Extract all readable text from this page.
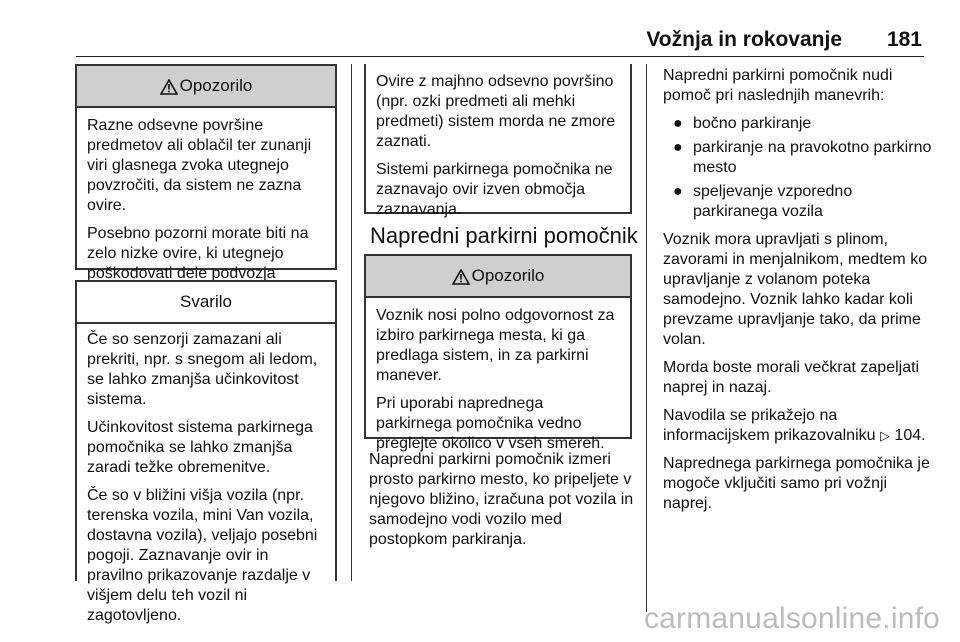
Vožnja in rokovanje 181
Opozorilo

Razne odsevne površine predmetov ali oblačil ter zunanji viri glasnega zvoka utegnejo povzročiti, da sistem ne zazna ovire.

Posebno pozorni morate biti na zelo nizke ovire, ki utegnejo poškodovati dele podvozja

Svarilo

Če so senzorji zamazani ali prekriti, npr. s snegom ali ledom, se lahko zmanjša učinkovitost sistema.

Učinkovitost sistema parkirnega pomočnika se lahko zmanjša zaradi težke obremenitve.

Če so v bližini višja vozila (npr. terenska vozila, mini Van vozila, dostavna vozila), veljajo posebni pogoji. Zaznavanje ovir in pravilno prikazovanje razdalje v višjem delu teh vozil ni zagotovljeno.

Ovire z majhno odsevno površino (npr. ozki predmeti ali mehki predmeti) sistem morda ne zmore zaznati.

Sistemi parkirnega pomočnika ne zaznavajo ovir izven območja zaznavanja.

Napredni parkirni pomočnik
Opozorilo

Voznik nosi polno odgovornost za izbiro parkirnega mesta, ki ga predlaga sistem, in za parkirni manever.

Pri uporabi naprednega parkirnega pomočnika vedno preglejte okolico v vseh smereh.

Napredni parkirni pomočnik izmeri prosto parkirno mesto, ko pripeljete v njegovo bližino, izračuna pot vozila in samodejno vodi vozilo med postopkom parkiranja.

Napredni parkirni pomočnik nudi pomoč pri naslednjih manevrih:

● bočno parkiranje
● parkiranje na pravokotno parkirno mesto
● speljevanje vzporedno parkiranega vozila

Voznik mora upravljati s plinom, zavorami in menjalnikom, medtem ko upravljanje z volanom poteka samodejno. Voznik lahko kadar koli prevzame upravljanje tako, da prime volan.

Morda boste morali večkrat zapeljati naprej in nazaj.

Navodila se prikažejo na informacijskem prikazovalniku ▷ 104.

Naprednega parkirnega pomočnika je mogoče vključiti samo pri vožnji naprej.

carmanualsonline.info
